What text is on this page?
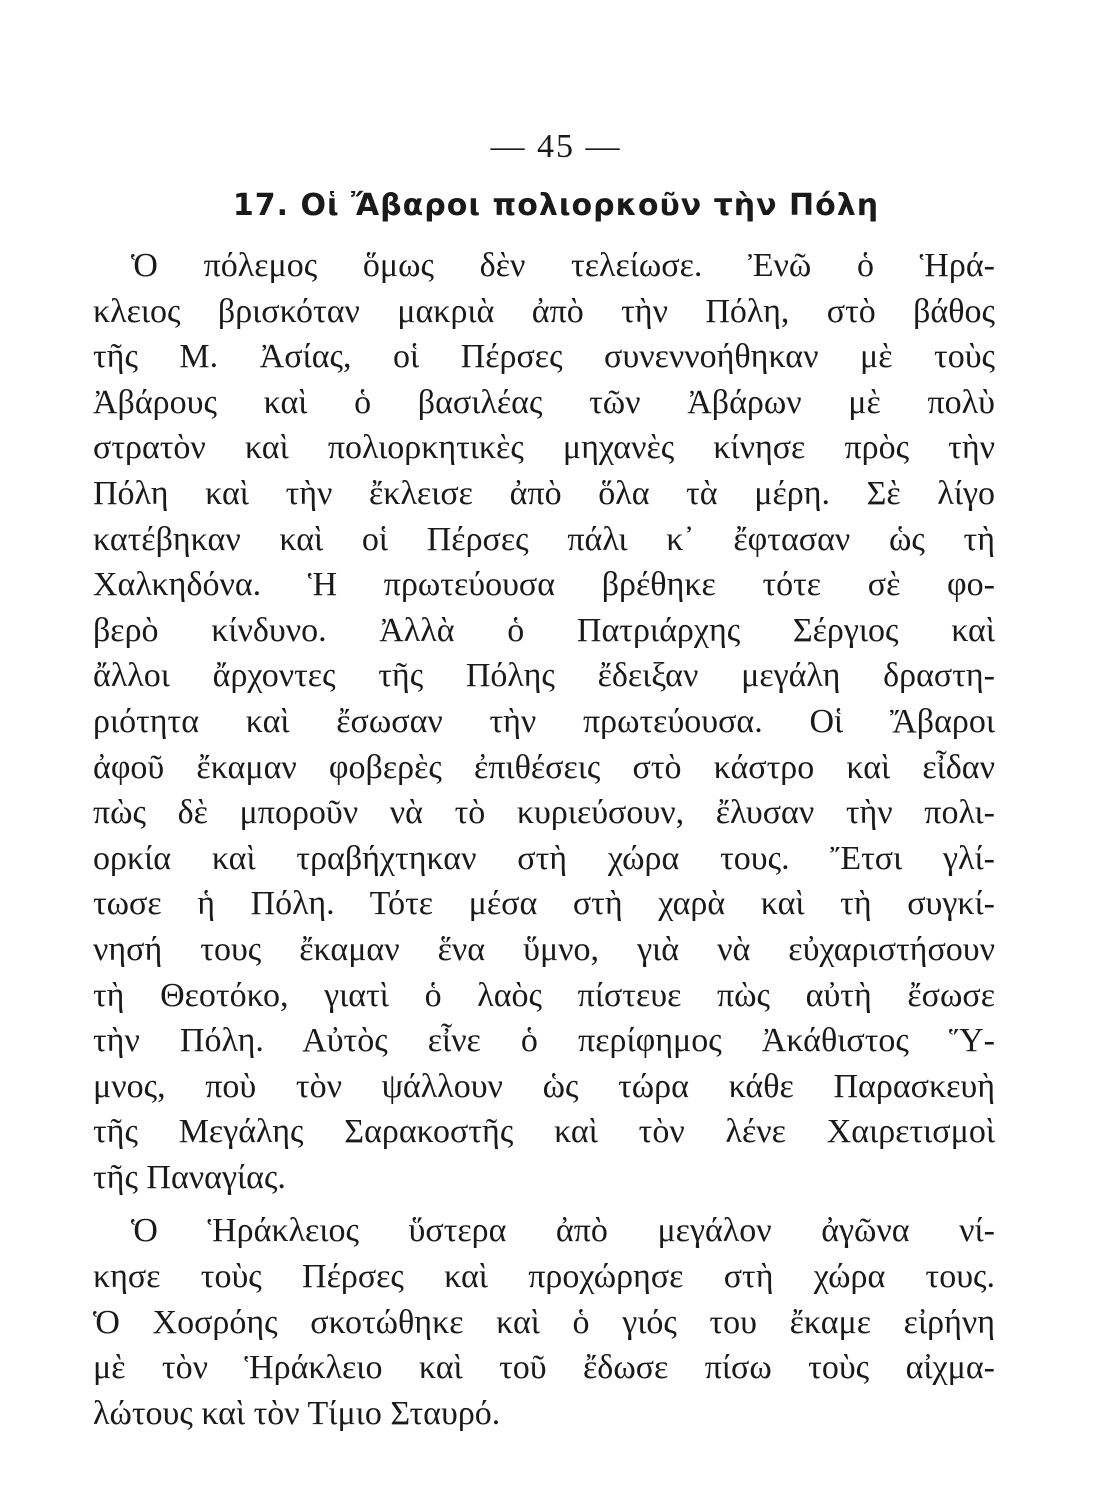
— 45 —
17. Οἱ Ἄβαροι πολιορκοῦν τὴν Πόλη

Ὁ πόλεμος ὅμως δὲν τελείωσε. Ἐνῶ ὁ Ἡρά-
κλειος βρισκόταν μακριὰ ἀπὸ τὴν Πόλη, στὸ βάθος
τῆς Μ. Ἀσίας, οἱ Πέρσες συνεννοήθηκαν μὲ τοὺς
Ἀβάρους καὶ ὁ βασιλέας τῶν Ἀβάρων μὲ πολὺ
στρατὸν καὶ πολιορκητικὲς μηχανὲς κίνησε πρὸς τὴν
Πόλη καὶ τὴν ἔκλεισε ἀπὸ ὅλα τὰ μέρη. Σὲ λίγο
κατέβηκαν καὶ οἱ Πέρσες πάλι κ᾽ ἔφτασαν ὡς τὴ
Χαλκηδόνα. Ἡ πρωτεύουσα βρέθηκε τότε σὲ φο-
βερὸ κίνδυνο. Ἀλλὰ ὁ Πατριάρχης Σέργιος καὶ
ἄλλοι ἄρχοντες τῆς Πόλης ἔδειξαν μεγάλη δραστη-
ριότητα καὶ ἔσωσαν τὴν πρωτεύουσα. Οἱ Ἄβαροι
ἀφοῦ ἔκαμαν φοβερὲς ἐπιθέσεις στὸ κάστρο καὶ εἶδαν
πὼς δὲ μποροῦν νὰ τὸ κυριεύσουν, ἔλυσαν τὴν πολι-
ορκία καὶ τραβήχτηκαν στὴ χώρα τους. Ἔτσι γλί-
τωσε ἡ Πόλη. Τότε μέσα στὴ χαρὰ καὶ τὴ συγκί-
νησή τους ἔκαμαν ἕνα ὕμνο, γιὰ νὰ εὐχαριστήσουν
τὴ Θεοτόκο, γιατὶ ὁ λαὸς πίστευε πὼς αὐτὴ ἔσωσε
τὴν Πόλη. Αὐτὸς εἶνε ὁ περίφημος Ἀκάθιστος Ὕ-
μνος, ποὺ τὸν ψάλλουν ὡς τώρα κάθε Παρασκευὴ
τῆς Μεγάλης Σαρακοστῆς καὶ τὸν λένε Χαιρετισμοὶ
τῆς Παναγίας.

Ὁ Ἡράκλειος ὕστερα ἀπὸ μεγάλον ἀγῶνα νί-
κησε τοὺς Πέρσες καὶ προχώρησε στὴ χώρα τους.
Ὁ Χοσρόης σκοτώθηκε καὶ ὁ γιός του ἔκαμε εἰρήνη
μὲ τὸν Ἡράκλειο καὶ τοῦ ἔδωσε πίσω τοὺς αἰχμα-
λώτους καὶ τὸν Τίμιο Σταυρό.
